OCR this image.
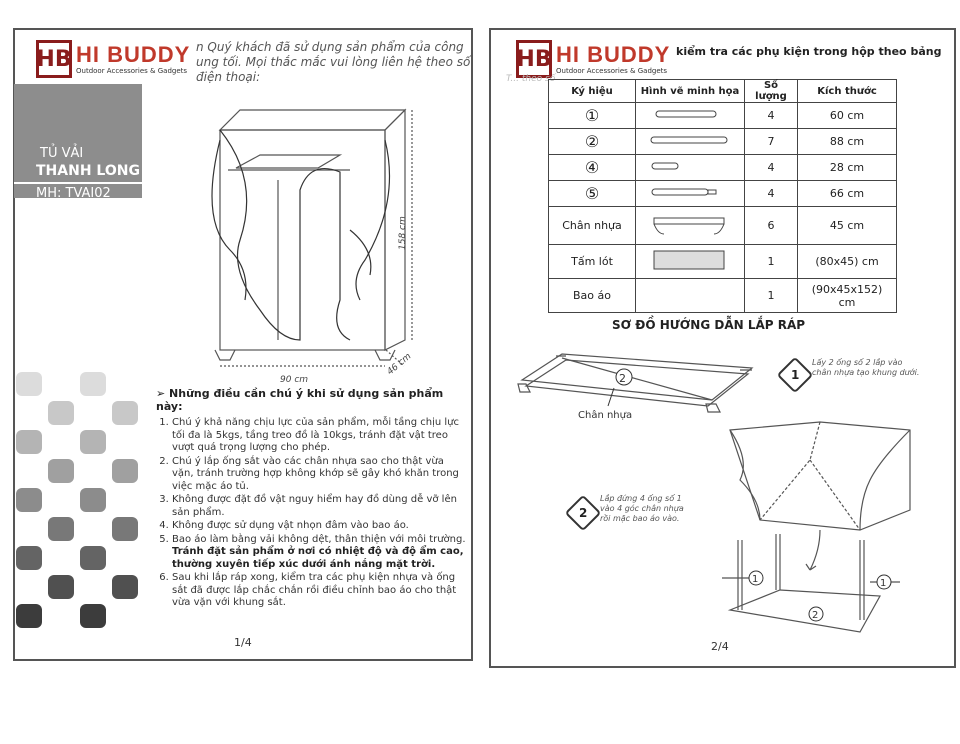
HB HI BUDDY
Outdoor Accessories & Gadgets
n Quý khách đã sử dụng sản phẩm của công
ung tối. Mọi thắc mắc vui lòng liên hệ theo số
điện thoại:
TỦ VẢI
THANH LONG
MH: TVAI02
90 cm
46 cm
158 cm
➢ Những điều cần chú ý khi sử dụng sản phẩm này:
1. Chú ý khả năng chịu lực của sản phẩm, mỗi tầng chịu lực tối đa là 5kgs, tầng treo đồ là 10kgs, tránh đặt vật treo vượt quá trọng lượng cho phép.
2. Chú ý lắp ống sắt vào các chân nhựa sao cho thật vừa vặn, tránh trường hợp không khớp sẽ gây khó khăn trong việc mặc áo tủ.
3. Không được đặt đồ vật nguy hiểm hay đồ dùng dễ vỡ lên sản phẩm.
4. Không được sử dụng vật nhọn đâm vào bao áo.
5. Bao áo làm bằng vải không dệt, thân thiện với môi trường. Tránh đặt sản phẩm ở nơi có nhiệt độ và độ ẩm cao, thường xuyên tiếp xúc dưới ánh nắng mặt trời.
6. Sau khi lắp ráp xong, kiểm tra các phụ kiện nhựa và ống sắt đã được lắp chắc chắn rồi điều chỉnh bao áo cho thật vừa vặn với khung sắt.
1/4
HB HI BUDDY
Outdoor Accessories & Gadgets
kiểm tra các phụ kiện trong hộp theo bảng
T... theo số
Ký hiệu	Hình vẽ minh họa	Số lượng	Kích thước
①		4	60 cm
②		7	88 cm
④		4	28 cm
⑤		4	66 cm
Chân nhựa		6	45 cm
Tấm lót		1	(80x45) cm
Bao áo		1	(90x45x152) cm
SƠ ĐỒ HƯỚNG DẪN LẮP RÁP
2
Chân nhựa
1
Lấy 2 ống số 2 lắp vào
chân nhựa tạo khung dưới.
2
Lắp đứng 4 ống số 1
vào 4 góc chân nhựa
rồi mặc bao áo vào.
1	1
2
2/4
